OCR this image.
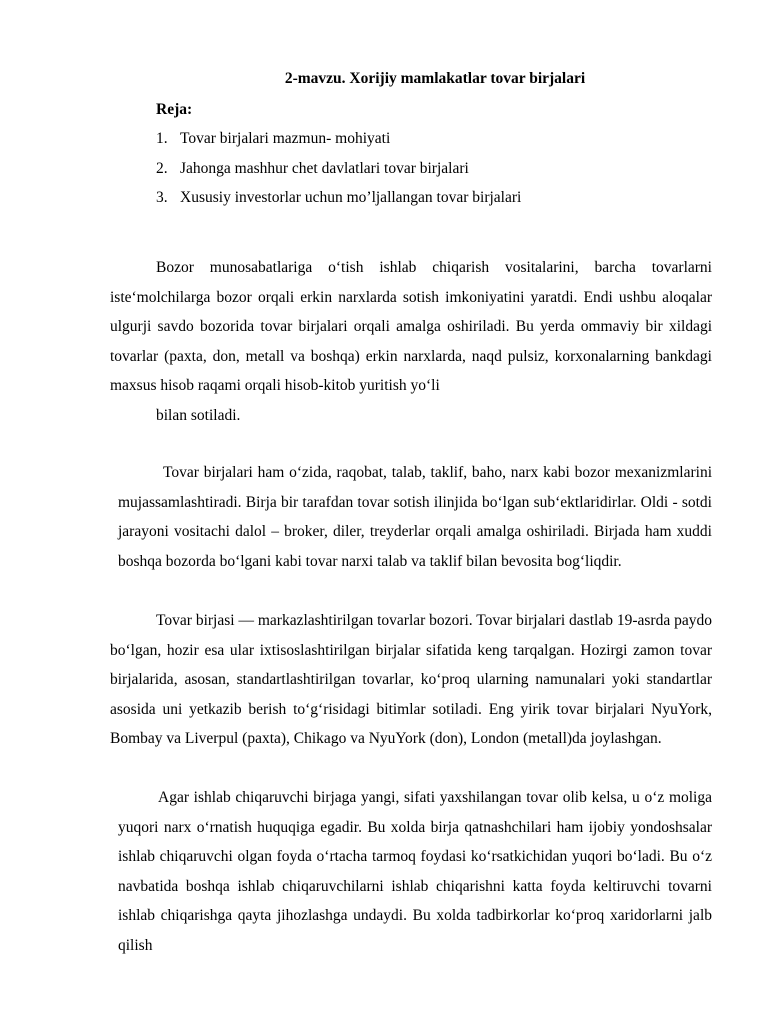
2-mavzu. Xorijiy mamlakatlar tovar birjalari
Reja:
1. Tovar birjalari mazmun- mohiyati
2. Jahonga mashhur chet davlatlari tovar birjalari
3. Xususiy investorlar uchun mo’ljallangan tovar birjalari

Bozor munosabatlariga o‘tish ishlab chiqarish vositalarini, barcha tovarlarni iste‘molchilarga bozor orqali erkin narxlarda sotish imkoniyatini yaratdi. Endi ushbu aloqalar ulgurji savdo bozorida tovar birjalari orqali amalga oshiriladi. Bu yerda ommaviy bir xildagi tovarlar (paxta, don, metall va boshqa) erkin narxlarda, naqd pulsiz, korxonalarning bankdagi maxsus hisob raqami orqali hisob-kitob yuritish yo‘li
bilan sotiladi.

Tovar birjalari ham o‘zida, raqobat, talab, taklif, baho, narx kabi bozor mexanizmlarini mujassamlashtiradi. Birja bir tarafdan tovar sotish ilinjida bo‘lgan sub‘ektlaridirlar. Oldi - sotdi jarayoni vositachi dalol – broker, diler, treyderlar orqali amalga oshiriladi. Birjada ham xuddi boshqa bozorda bo‘lgani kabi tovar narxi talab va taklif bilan bevosita bog‘liqdir.

Tovar birjasi — markazlashtirilgan tovarlar bozori. Tovar birjalari dastlab 19-asrda paydo bo‘lgan, hozir esa ular ixtisoslashtirilgan birjalar sifatida keng tarqalgan. Hozirgi zamon tovar birjalarida, asosan, standartlashtirilgan tovarlar, ko‘proq ularning namunalari yoki standartlar asosida uni yetkazib berish to‘g‘risidagi bitimlar sotiladi. Eng yirik tovar birjalari NyuYork, Bombay va Liverpul (paxta), Chikago va NyuYork (don), London (metall)da joylashgan.

Agar ishlab chiqaruvchi birjaga yangi, sifati yaxshilangan tovar olib kelsa, u o‘z moliga yuqori narx o‘rnatish huquqiga egadir. Bu xolda birja qatnashchilari ham ijobiy yondoshsalar ishlab chiqaruvchi olgan foyda o‘rtacha tarmoq foydasi ko‘rsatkichidan yuqori bo‘ladi. Bu o‘z navbatida boshqa ishlab chiqaruvchilarni ishlab chiqarishni katta foyda keltiruvchi tovarni ishlab chiqarishga qayta jihozlashga undaydi. Bu xolda tadbirkorlar ko‘proq xaridorlarni jalb qilish
